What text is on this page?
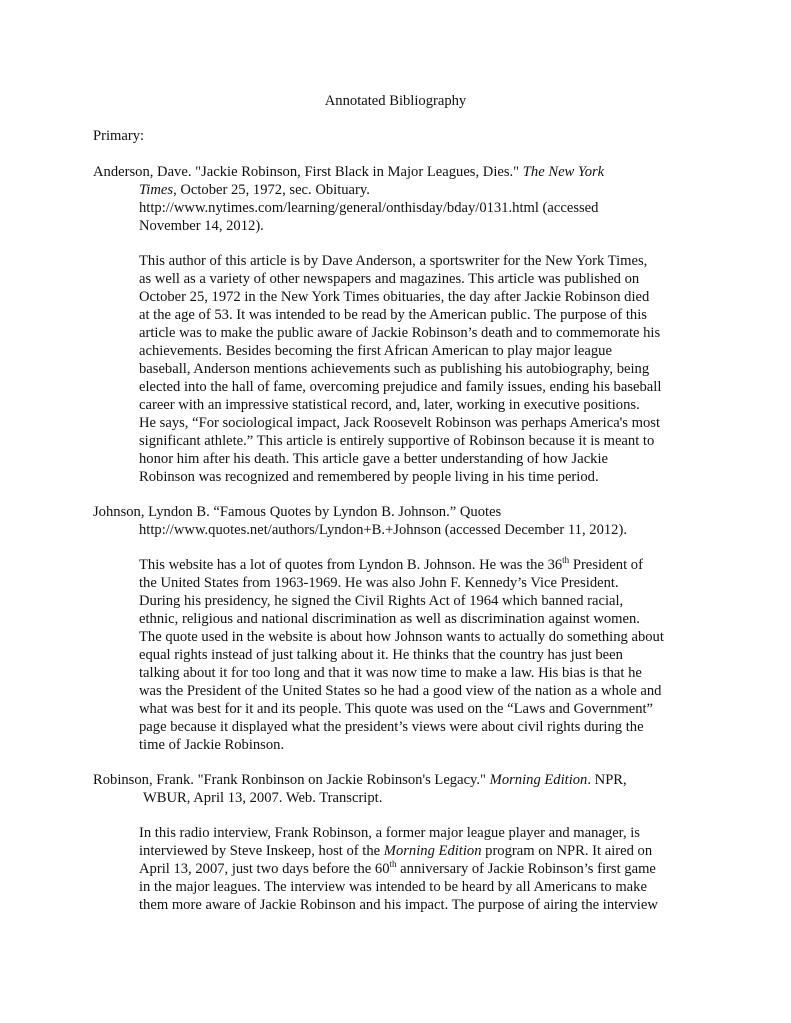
Annotated Bibliography
Primary:
Anderson, Dave. "Jackie Robinson, First Black in Major Leagues, Dies." The New York
Times, October 25, 1972, sec. Obituary.
http://www.nytimes.com/learning/general/onthisday/bday/0131.html (accessed
November 14, 2012).
This author of this article is by Dave Anderson, a sportswriter for the New York Times,
as well as a variety of other newspapers and magazines. This article was published on
October 25, 1972 in the New York Times obituaries, the day after Jackie Robinson died
at the age of 53. It was intended to be read by the American public. The purpose of this
article was to make the public aware of Jackie Robinson’s death and to commemorate his
achievements. Besides becoming the first African American to play major league
baseball, Anderson mentions achievements such as publishing his autobiography, being
elected into the hall of fame, overcoming prejudice and family issues, ending his baseball
career with an impressive statistical record, and, later, working in executive positions.
He says, “For sociological impact, Jack Roosevelt Robinson was perhaps America's most
significant athlete.” This article is entirely supportive of Robinson because it is meant to
honor him after his death. This article gave a better understanding of how Jackie
Robinson was recognized and remembered by people living in his time period.
Johnson, Lyndon B. “Famous Quotes by Lyndon B. Johnson.” Quotes
http://www.quotes.net/authors/Lyndon+B.+Johnson (accessed December 11, 2012).
This website has a lot of quotes from Lyndon B. Johnson. He was the 36th President of
the United States from 1963-1969. He was also John F. Kennedy’s Vice President.
During his presidency, he signed the Civil Rights Act of 1964 which banned racial,
ethnic, religious and national discrimination as well as discrimination against women.
The quote used in the website is about how Johnson wants to actually do something about
equal rights instead of just talking about it. He thinks that the country has just been
talking about it for too long and that it was now time to make a law. His bias is that he
was the President of the United States so he had a good view of the nation as a whole and
what was best for it and its people. This quote was used on the “Laws and Government”
page because it displayed what the president’s views were about civil rights during the
time of Jackie Robinson.
Robinson, Frank. "Frank Ronbinson on Jackie Robinson's Legacy." Morning Edition. NPR,
WBUR, April 13, 2007. Web. Transcript.
In this radio interview, Frank Robinson, a former major league player and manager, is
interviewed by Steve Inskeep, host of the Morning Edition program on NPR. It aired on
April 13, 2007, just two days before the 60th anniversary of Jackie Robinson’s first game
in the major leagues. The interview was intended to be heard by all Americans to make
them more aware of Jackie Robinson and his impact. The purpose of airing the interview
